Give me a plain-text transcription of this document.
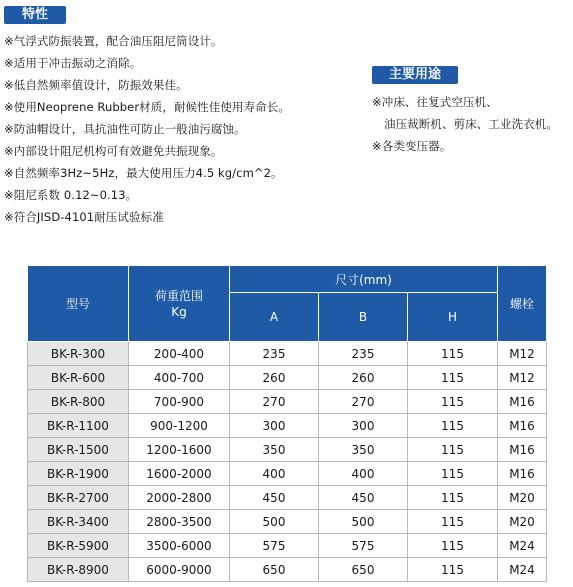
特性
※气浮式防振装置，配合油压阻尼筒设计。
※适用于冲击振动之消除。
※低自然频率值设计，防振效果佳。
※使用Neoprene Rubber材质，耐候性佳使用寿命长。
※防油帽设计，具抗油性可防止一般油污腐蚀。
※内部设计阻尼机构可有效避免共振现象。
※自然频率3Hz~5Hz，最大使用压力4.5 kg/cm^2。
※阻尼系数 0.12~0.13。
※符合JISD-4101耐压试验标准
主要用途
※冲床、往复式空压机、
油压裁断机、剪床、工业洗衣机。
※各类变压器。
型号	荷重范围
Kg	尺寸(mm)			螺栓
		A	B	H	
BK-R-300	200-400	235	235	115	M12
BK-R-600	400-700	260	260	115	M12
BK-R-800	700-900	270	270	115	M16
BK-R-1100	900-1200	300	300	115	M16
BK-R-1500	1200-1600	350	350	115	M16
BK-R-1900	1600-2000	400	400	115	M16
BK-R-2700	2000-2800	450	450	115	M20
BK-R-3400	2800-3500	500	500	115	M20
BK-R-5900	3500-6000	575	575	115	M24
BK-R-8900	6000-9000	650	650	115	M24
